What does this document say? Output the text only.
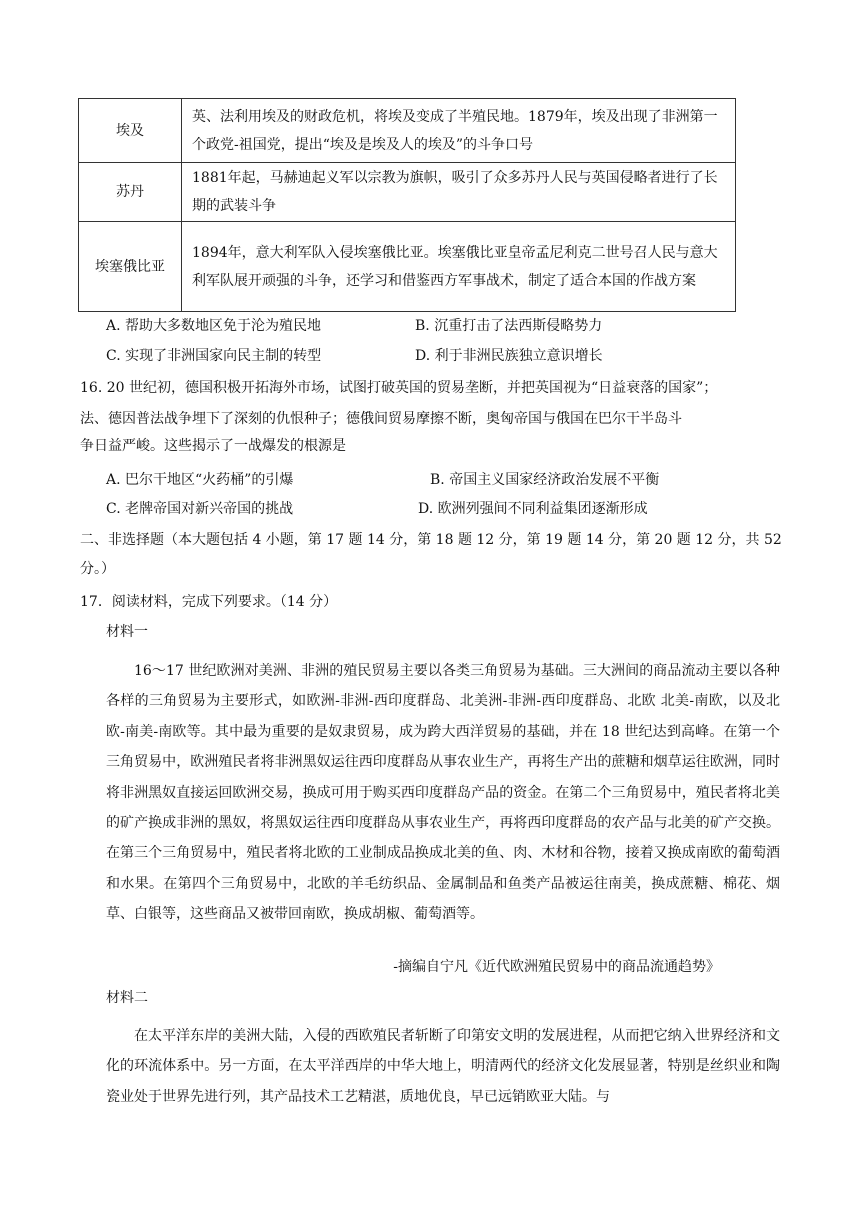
埃及	英、法利用埃及的财政危机，将埃及变成了半殖民地。1879年，埃及出现了非洲第一个政党-祖国党，提出“埃及是埃及人的埃及”的斗争口号
苏丹	1881年起，马赫迪起义军以宗教为旗帜，吸引了众多苏丹人民与英国侵略者进行了长期的武装斗争
埃塞俄比亚	1894年，意大利军队入侵埃塞俄比亚。埃塞俄比亚皇帝孟尼利克二世号召人民与意大利军队展开顽强的斗争，还学习和借鉴西方军事战术，制定了适合本国的作战方案
A. 帮助大多数地区免于沦为殖民地	B. 沉重打击了法西斯侵略势力
C. 实现了非洲国家向民主制的转型	D. 利于非洲民族独立意识增长
16. 20 世纪初，德国积极开拓海外市场，试图打破英国的贸易垄断，并把英国视为“日益衰落的国家”；
法、德因普法战争埋下了深刻的仇恨种子；德俄间贸易摩擦不断，奥匈帝国与俄国在巴尔干半岛斗
争日益严峻。这些揭示了一战爆发的根源是
A. 巴尔干地区“火药桶”的引爆	B. 帝国主义国家经济政治发展不平衡
C. 老牌帝国对新兴帝国的挑战	D. 欧洲列强间不同利益集团逐渐形成
二、非选择题（本大题包括 4 小题，第 17 题 14 分，第 18 题 12 分，第 19 题 14 分，第 20 题 12 分，共 52
分。）
17．阅读材料，完成下列要求。（14 分）
材料一
16～17 世纪欧洲对美洲、非洲的殖民贸易主要以各类三角贸易为基础。三大洲间的商品流动主要以各种各样的三角贸易为主要形式，如欧洲-非洲-西印度群岛、北美洲-非洲-西印度群岛、北欧 北美-南欧，以及北欧-南美-南欧等。其中最为重要的是奴隶贸易，成为跨大西洋贸易的基础，并在 18 世纪达到高峰。在第一个三角贸易中，欧洲殖民者将非洲黑奴运往西印度群岛从事农业生产，再将生产出的蔗糖和烟草运往欧洲，同时将非洲黑奴直接运回欧洲交易，换成可用于购买西印度群岛产品的资金。在第二个三角贸易中，殖民者将北美的矿产换成非洲的黑奴，将黑奴运往西印度群岛从事农业生产，再将西印度群岛的农产品与北美的矿产交换。在第三个三角贸易中，殖民者将北欧的工业制成品换成北美的鱼、肉、木材和谷物，接着又换成南欧的葡萄酒和水果。在第四个三角贸易中，北欧的羊毛纺织品、金属制品和鱼类产品被运往南美，换成蔗糖、棉花、烟草、白银等，这些商品又被带回南欧，换成胡椒、葡萄酒等。
-摘编自宁凡《近代欧洲殖民贸易中的商品流通趋势》
材料二
在太平洋东岸的美洲大陆，入侵的西欧殖民者斩断了印第安文明的发展进程，从而把它纳入世界经济和文化的环流体系中。另一方面，在太平洋西岸的中华大地上，明清两代的经济文化发展显著，特别是丝织业和陶瓷业处于世界先进行列，其产品技术工艺精湛，质地优良，早已远销欧亚大陆。与
